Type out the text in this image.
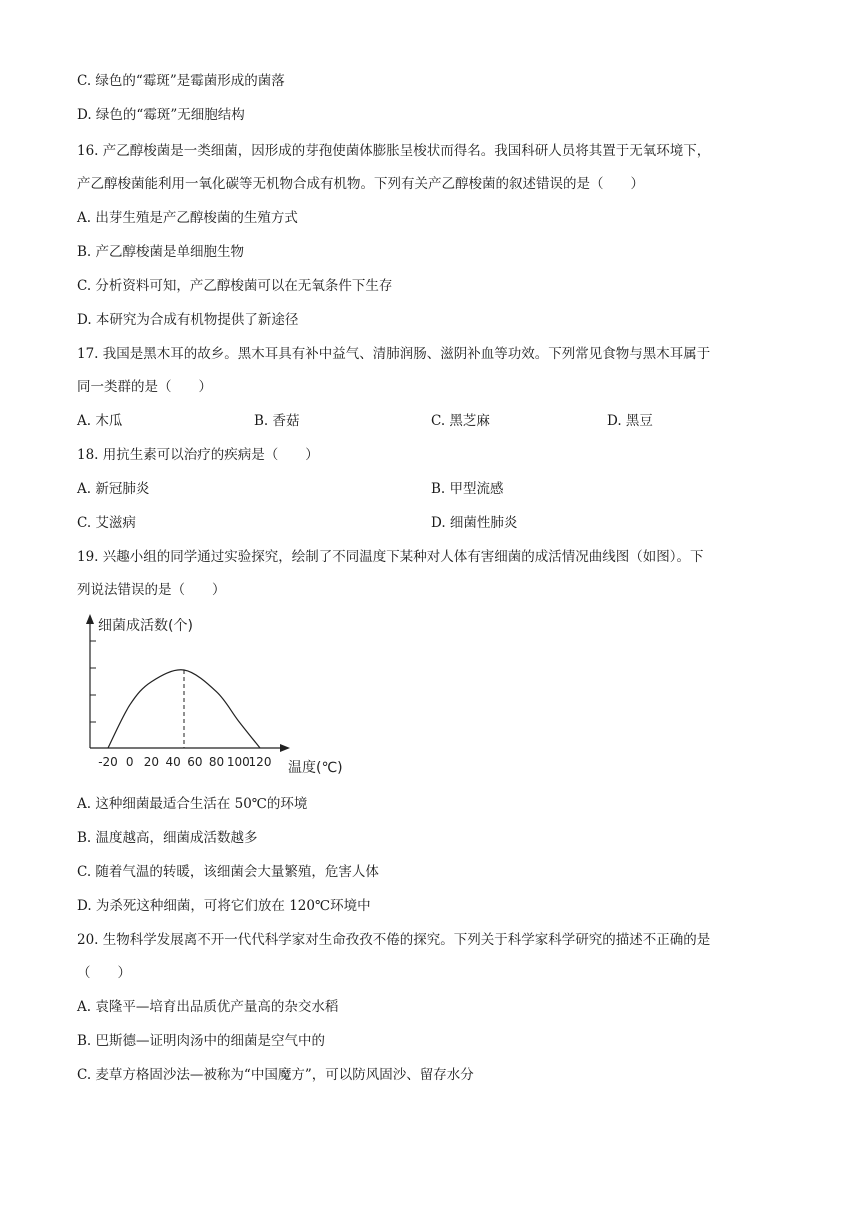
C. 绿色的“霉斑”是霉菌形成的菌落
D. 绿色的“霉斑”无细胞结构
16. 产乙醇梭菌是一类细菌，因形成的芽孢使菌体膨胀呈梭状而得名。我国科研人员将其置于无氧环境下，
产乙醇梭菌能利用一氧化碳等无机物合成有机物。下列有关产乙醇梭菌的叙述错误的是（　　）
A. 出芽生殖是产乙醇梭菌的生殖方式
B. 产乙醇梭菌是单细胞生物
C. 分析资料可知，产乙醇梭菌可以在无氧条件下生存
D. 本研究为合成有机物提供了新途径
17. 我国是黑木耳的故乡。黑木耳具有补中益气、清肺润肠、滋阴补血等功效。下列常见食物与黑木耳属于
同一类群的是（　　）
A. 木瓜	B. 香菇	C. 黑芝麻	D. 黑豆
18. 用抗生素可以治疗的疾病是（　　）
A. 新冠肺炎	B. 甲型流感
C. 艾滋病	D. 细菌性肺炎
19. 兴趣小组的同学通过实验探究，绘制了不同温度下某种对人体有害细菌的成活情况曲线图（如图）。下
列说法错误的是（　　）
细菌成活数(个)
温度(℃)
-20 0 20 40 60 80 100
120
A. 这种细菌最适合生活在 50℃的环境
B. 温度越高，细菌成活数越多
C. 随着气温的转暖，该细菌会大量繁殖，危害人体
D. 为杀死这种细菌，可将它们放在 120℃环境中
20. 生物科学发展离不开一代代科学家对生命孜孜不倦的探究。下列关于科学家科学研究的描述不正确的是
（　　）
A. 袁隆平—培育出品质优产量高的杂交水稻
B. 巴斯德—证明肉汤中的细菌是空气中的
C. 麦草方格固沙法—被称为“中国魔方”，可以防风固沙、留存水分
